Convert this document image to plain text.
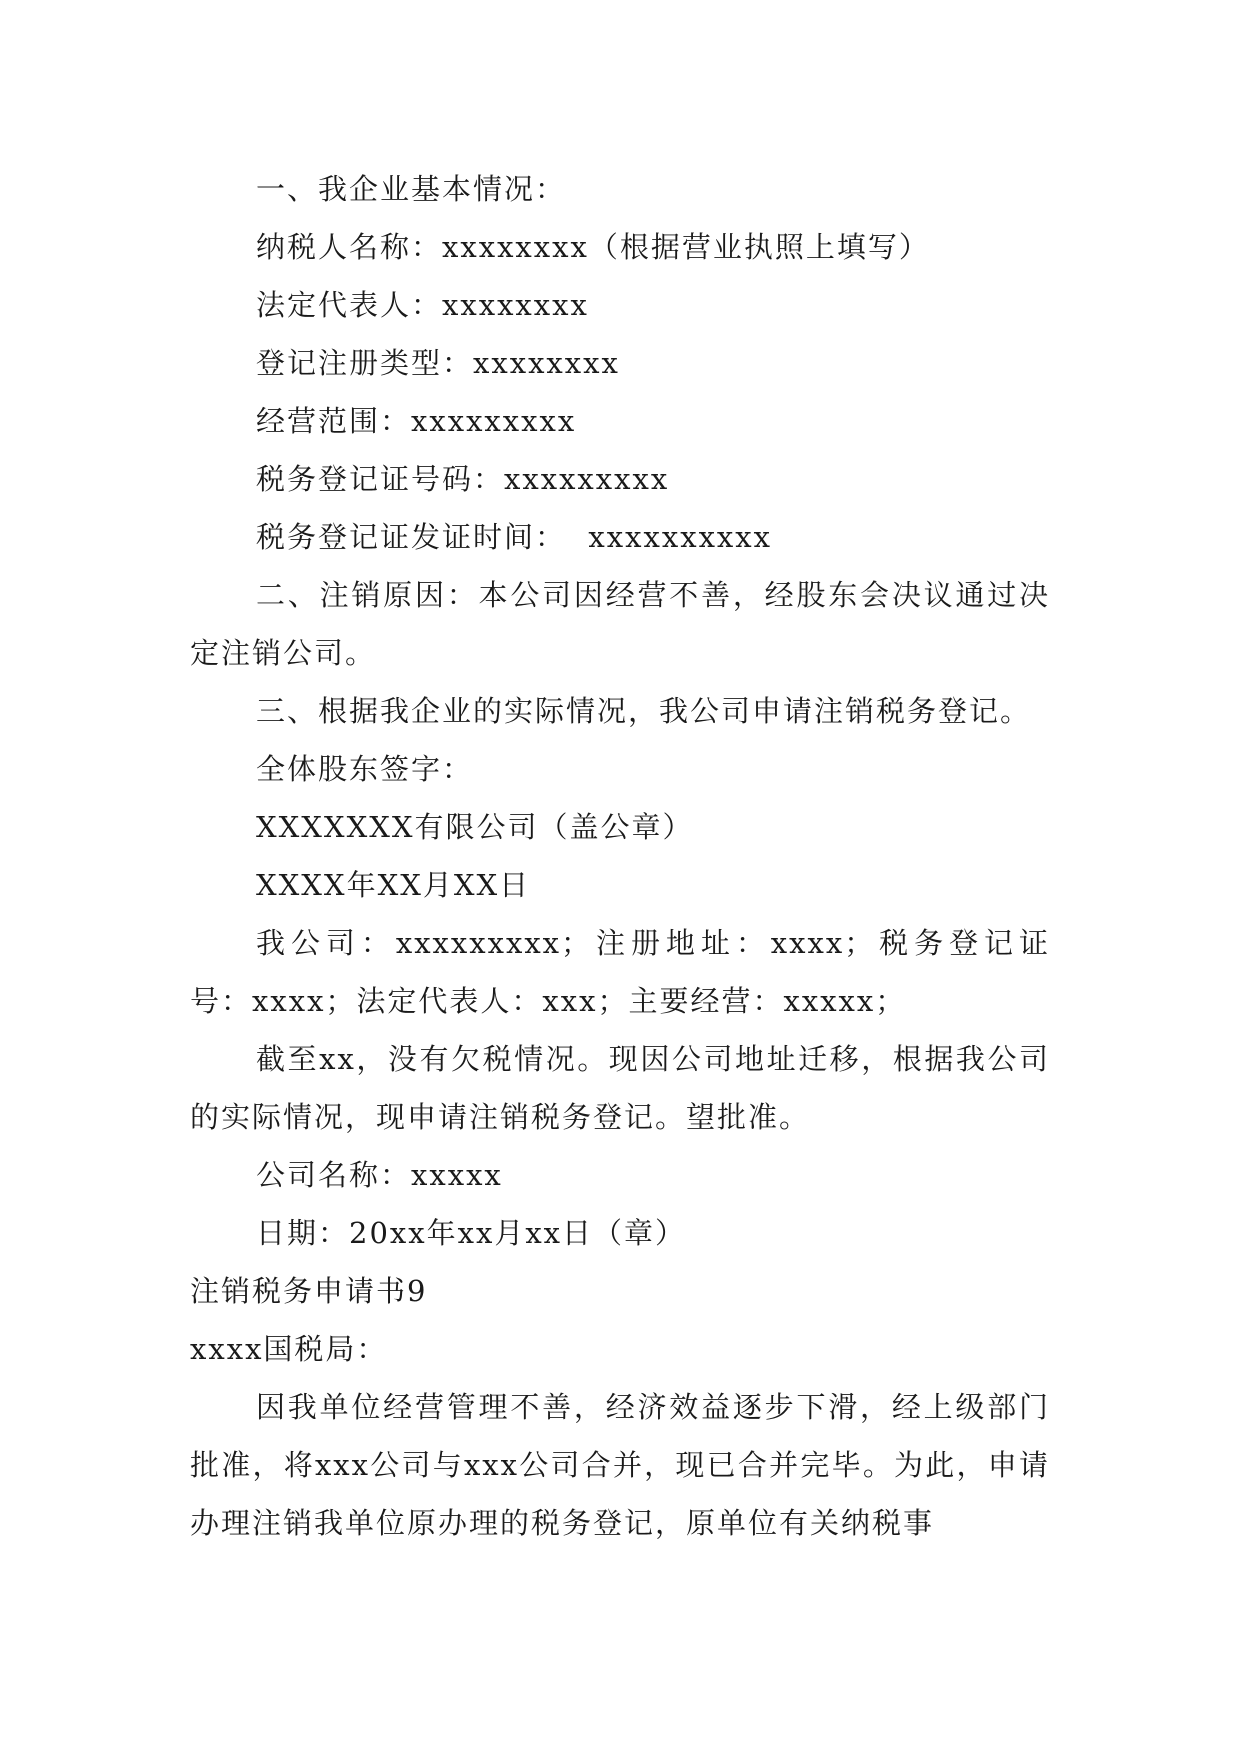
一、我企业基本情况：
纳税人名称：xxxxxxxx（根据营业执照上填写）
法定代表人：xxxxxxxx
登记注册类型：xxxxxxxx
经营范围：xxxxxxxxx
税务登记证号码：xxxxxxxxx
税务登记证发证时间：  xxxxxxxxxx
二、注销原因：本公司因经营不善，经股东会决议通过决定注销公司。
三、根据我企业的实际情况，我公司申请注销税务登记。
全体股东签字：
XXXXXXX有限公司（盖公章）
XXXX年XX月XX日
我公司：xxxxxxxxx；注册地址：xxxx；税务登记证号：xxxx；法定代表人：xxx；主要经营：xxxxx；
截至xx，没有欠税情况。现因公司地址迁移，根据我公司的实际情况，现申请注销税务登记。望批准。
公司名称：xxxxx
日期：20xx年xx月xx日（章）
注销税务申请书9
xxxx国税局：
因我单位经营管理不善，经济效益逐步下滑，经上级部门批准，将xxx公司与xxx公司合并，现已合并完毕。为此，申请办理注销我单位原办理的税务登记，原单位有关纳税事
